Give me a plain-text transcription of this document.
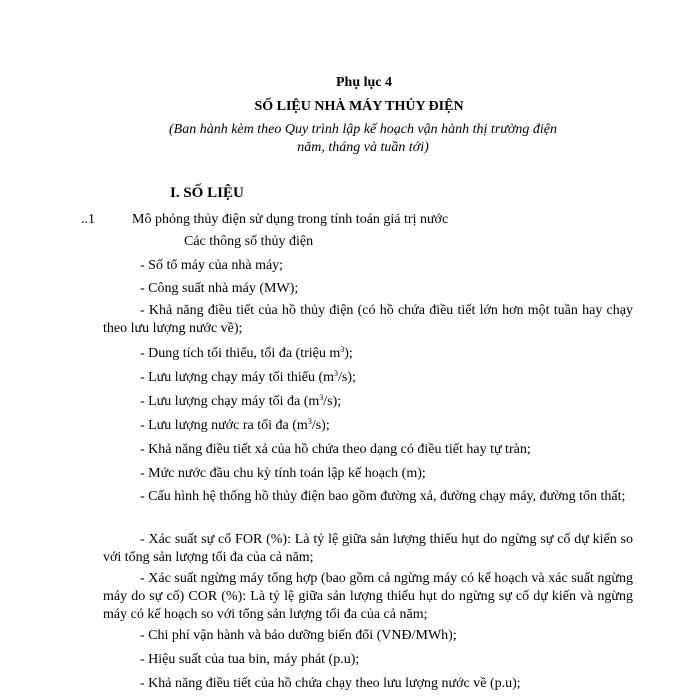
Phụ lục 4
SỐ LIỆU NHÀ MÁY THỦY ĐIỆN
(Ban hành kèm theo Quy trình lập kế hoạch vận hành thị trường điện
năm, tháng và tuần tới)
I. SỐ LIỆU
..1	Mô phỏng thủy điện sử dụng trong tính toán giá trị nước
Các thông số thủy điện
- Số tổ máy của nhà máy;
- Công suất nhà máy (MW);
- Khả năng điều tiết của hồ thủy điện (có hồ chứa điều tiết lớn hơn một tuần hay chạy theo lưu lượng nước về);
- Dung tích tối thiểu, tối đa (triệu $m^3$);
- Lưu lượng chạy máy tối thiểu $(m^3/s)$;
- Lưu lượng chạy máy tối đa $(m^3/s)$;
- Lưu lượng nước ra tối đa $(m^3/s)$;
- Khả năng điều tiết xả của hồ chứa theo dạng có điều tiết hay tự tràn;
- Mức nước đầu chu kỳ tính toán lập kế hoạch (m);
- Cấu hình hệ thống hồ thủy điện bao gồm đường xả, đường chạy máy, đường tổn thất;
- Xác suất sự cố FOR (%): Là tỷ lệ giữa sản lượng thiếu hụt do ngừng sự cố dự kiến so với tổng sản lượng tối đa của cả năm;
- Xác suất ngừng máy tổng hợp (bao gồm cả ngừng máy có kế hoạch và xác suất ngừng máy do sự cố) COR (%): Là tỷ lệ giữa sản lượng thiếu hụt do ngừng sự cố dự kiến và ngừng máy có kế hoạch so với tổng sản lượng tối đa của cả năm;
- Chi phí vận hành và bảo dưỡng biến đổi (VNĐ/MWh);
- Hiệu suất của tua bin, máy phát (p.u);
- Khả năng điều tiết của hồ chứa chạy theo lưu lượng nước về (p.u);
